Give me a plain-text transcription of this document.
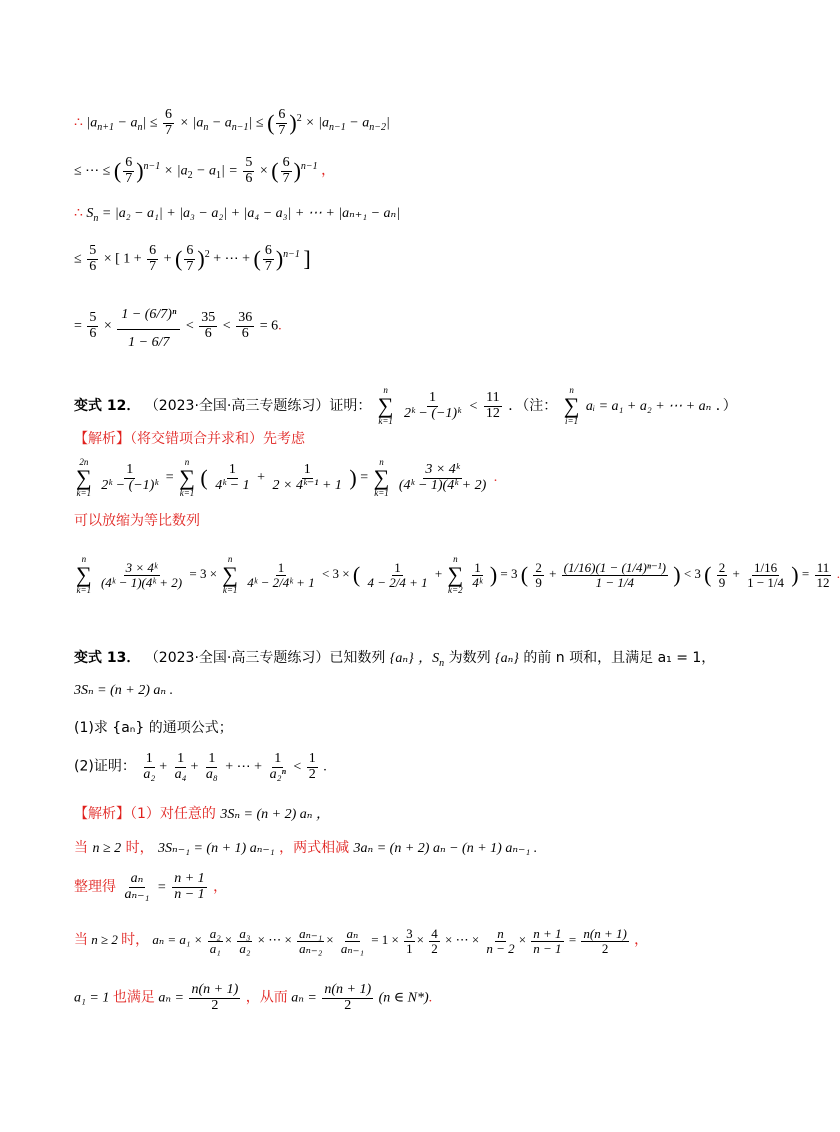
∴ $|a_{n+1} - a_n| \le \frac{6}{7} \times |a_n - a_{n-1}|$ ≤ ( $\frac{6}{7} )^2 \times |a_{n-1} - a_{n-2}|$
≤ ⋯ ≤ ( $\frac{6}{7} )^{n-1} \times |a_2 - a_1| = \frac{5}{6}$ × ( $\frac{6}{7} )^{n-1}$ ，
∴ $S_n = |a_2 - a_1| + |a_3 - a_2| + |a_4 - a_3|$ + ⋯ + |aₙ₊₁ − aₙ|
≤ $\frac{5}{6}$ × [ $1 + \frac{6}{7}$ + ( $\frac{6}{7} )^2$ + ⋯ + ( $\frac{6}{7} )^{n-1}$ ]
= $\frac{5}{6} \times \frac{\text{1 − (6/7)ⁿ}}{1 - 6/7} < \frac{35}{6} < \frac{36}{6} = 6$.
变式 12． （2023·全国·高三专题练习）证明：
n
∑
k=1
$\frac{1}{\text{2ᵏ − (−1)ᵏ}} < \frac{11}{12}$ ．（注：
n
∑
i=1
aᵢ = a₁ + a₂ + ⋯ + aₙ ．）
【解析】（将交错项合并求和）先考虑
2n
∑
k=1
$\frac{1}{\text{2ᵏ − (−1)ᵏ}}$ =
n
∑
k=1
( $\frac{1}{\text{4ᵏ − 1}} + \frac{1}{\text{2 × 4ᵏ⁻¹ + 1}}$ ) =
n
∑
k=1
$\frac{\text{3 × 4ᵏ}}{\text{(4ᵏ − 1)(4ᵏ + 2)}}$ .
可以放缩为等比数列
n
∑
k=1

$\frac{\text{3 × 4ᵏ}}{\text{(4ᵏ − 1)(4ᵏ + 2)}} = 3$ ×
n
∑
k=1

$\frac{1}{\text{4ᵏ − 2/4ᵏ + 1}} < 3$ × ( $\frac{1}{4 - 2/4 + 1}$ +
n
∑
k=2

$\frac{1}{\text{4ᵏ}}$ ) = 3 ( $\frac{2}{9} + \frac{\text{(1/16)(1 − (1/4)ⁿ⁻¹)}}{1 - 1/4}$ ) < 3 ( $\frac{2}{9} + \frac{1/16}{1 - 1/4}$ ) = $\frac{11}{12}$ .
变式 13． （2023·全国·高三专题练习）已知数列 {aₙ} ，$S_n$ 为数列 {aₙ} 的前 n 项和，且满足 a₁ = 1，
3Sₙ = (n + 2) aₙ .
(1)求 {aₙ} 的通项公式；
(2)证明： $\frac{1}{\text{a₂}} + \frac{1}{\text{a₄}} + \frac{1}{\text{a₈}}$ + ⋯ + $\frac{1}{\text{a₂ⁿ}} < \frac{1}{2}$ .
【解析】（1）对任意的 3Sₙ = (n + 2) aₙ ，
当 n ≥ 2 时， 3Sₙ₋₁ = (n + 1) aₙ₋₁ ，两式相减 3aₙ = (n + 2) aₙ − (n + 1) aₙ₋₁ .
整理得 $\frac{\text{aₙ}}{\text{aₙ₋₁}} = \frac{n + 1}{n - 1}$ ，
当 n ≥ 2 时， $a_n = a_1 \times \frac{\text{a₂}}{\text{a₁}} \times \frac{\text{a₃}}{\text{a₂}}$ × ⋯ × $\frac{\text{aₙ₋₁}}{\text{aₙ₋₂}} \times \frac{\text{aₙ}}{\text{aₙ₋₁}} = 1 \times \frac{3}{1} \times \frac{4}{2}$ × ⋯ × $\frac{n}{n - 2} \times \frac{n + 1}{n - 1} = \frac{n(n + 1)}{2}$ ，
a₁ = 1 也满足 $a_n = \frac{n(n + 1)}{2}$ ，从而 $a_n = \frac{n(n + 1)}{2} (n$ ∈ N*).
